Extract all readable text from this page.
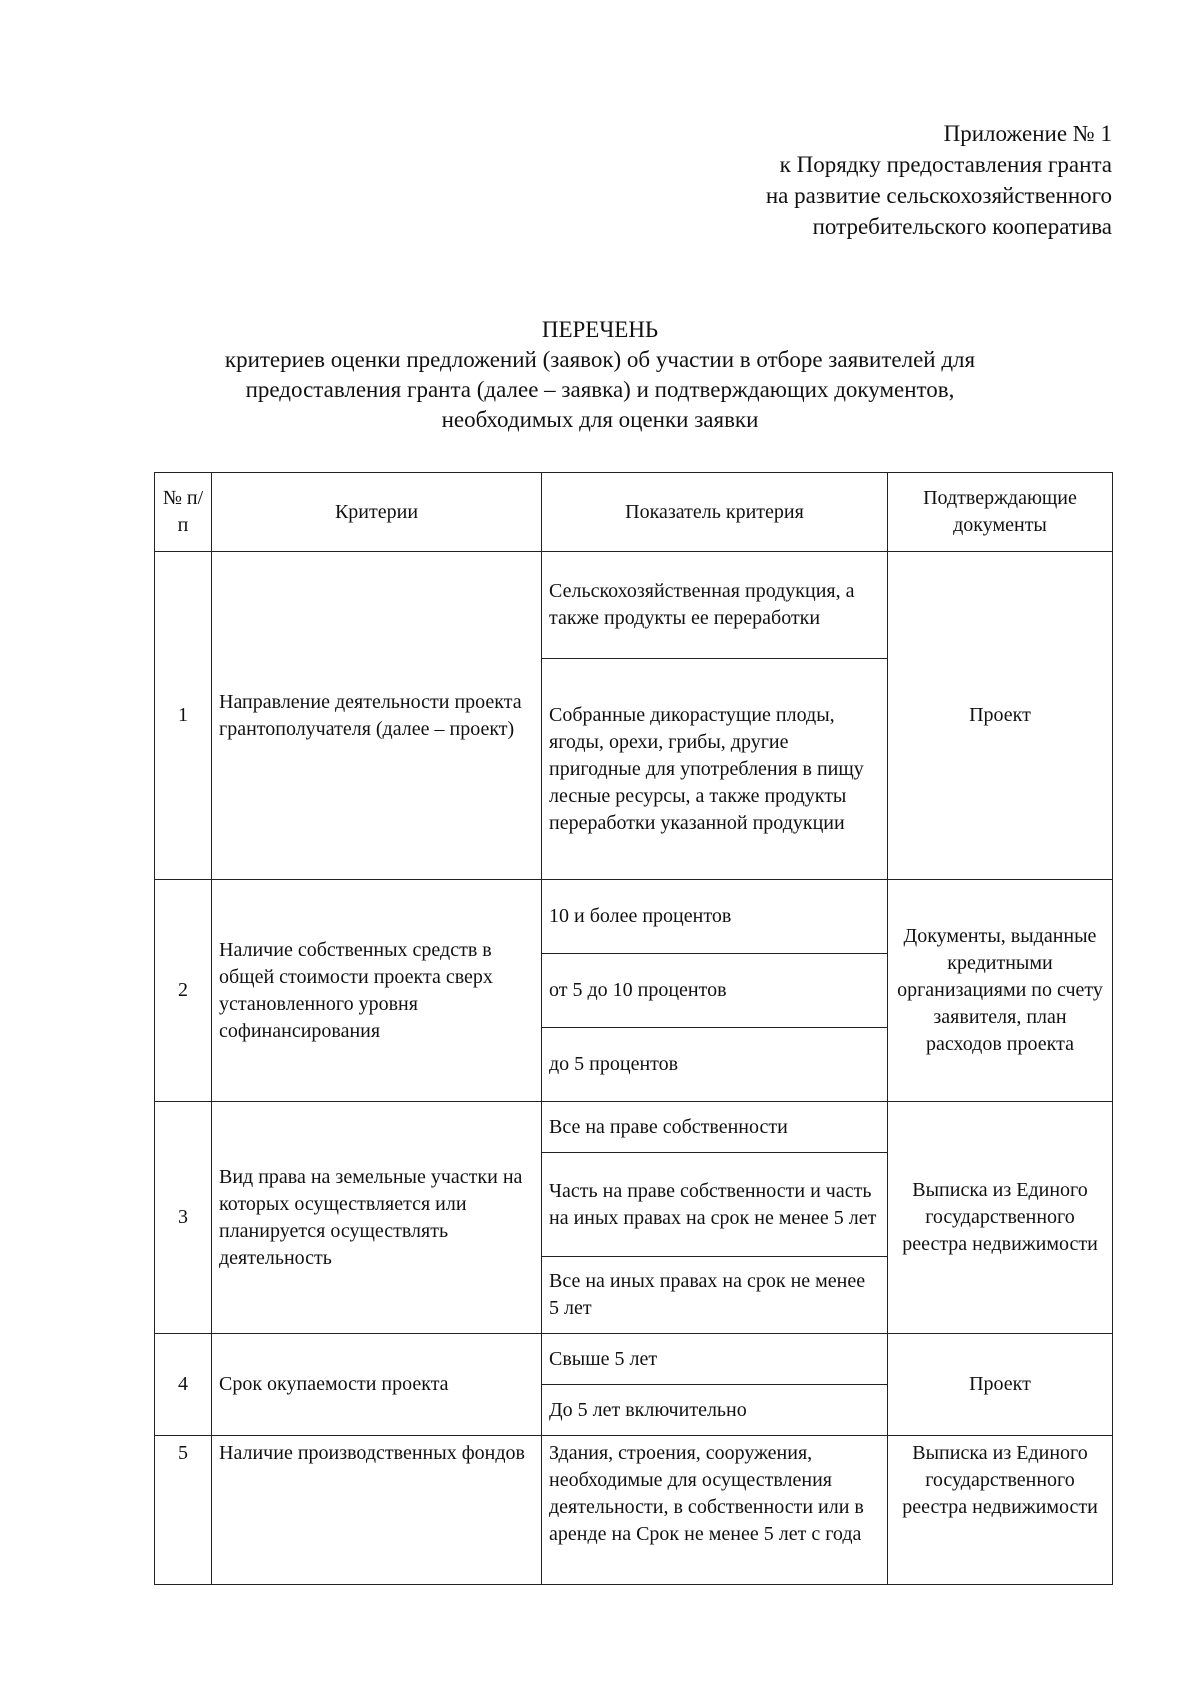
Приложение № 1
к Порядку предоставления гранта
на развитие сельскохозяйственного
потребительского кооператива
ПЕРЕЧЕНЬ
критериев оценки предложений (заявок) об участии в отборе заявителей для
предоставления гранта (далее – заявка) и подтверждающих документов,
необходимых для оценки заявки
№ п/п	Критерии	Показатель критерия	Подтверждающие документы
1	Направление деятельности проекта грантополучателя (далее – проект)	Сельскохозяйственная продукция, а также продукты ее переработки	Проект
		Собранные дикорастущие плоды, ягоды, орехи, грибы, другие пригодные для употребления в пищу лесные ресурсы, а также продукты переработки указанной продукции	
2	Наличие собственных средств в общей стоимости проекта сверх установленного уровня софинансирования	10 и более процентов	Документы, выданные кредитными организациями по счету заявителя, план расходов проекта
		от 5 до 10 процентов	
		до 5 процентов	
3	Вид права на земельные участки на которых осуществляется или планируется осуществлять деятельность	Все на праве собственности	Выписка из Единого государственного реестра недвижимости
		Часть на праве собственности и часть на иных правах на срок не менее 5 лет	
		Все на иных правах на срок не менее 5 лет	
4	Срок окупаемости проекта	Свыше 5 лет	Проект
		До 5 лет включительно	
5	Наличие производственных фондов	Здания, строения, сооружения, необходимые для осуществления деятельности, в собственности или в аренде на Срок не менее 5 лет с года	Выписка из Единого государственного реестра недвижимости
